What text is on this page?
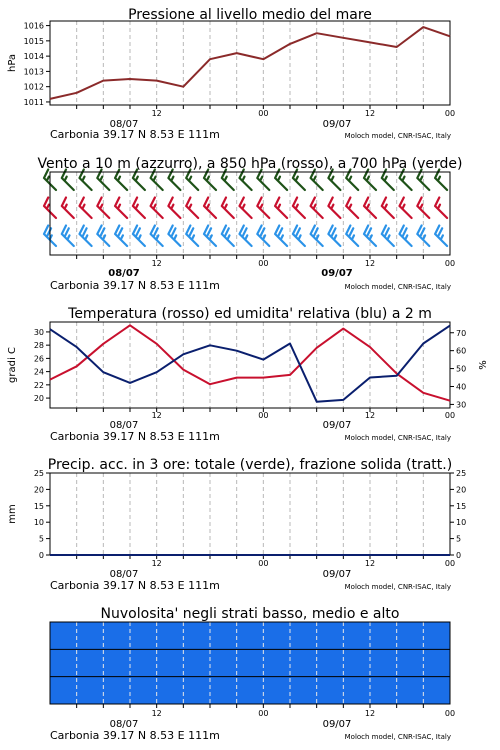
Pressione al livello medio del mare
1011
1012
1013
1014
1015
1016
12	00	12	00
hPa
08/07	09/07
Carbonia 39.17 N 8.53 E 111m	Moloch model, CNR-ISAC, Italy
Vento a 10 m (azzurro), a 850 hPa (rosso), a 700 hPa (verde)
12	00	12	00
08/07	09/07
Carbonia 39.17 N 8.53 E 111m	Moloch model, CNR-ISAC, Italy
Temperatura (rosso) ed umidita' relativa (blu) a 2 m
20
22
24
26
28
30
30
40
50
60
70
12	00	12	00
gradi C	%
08/07	09/07
Carbonia 39.17 N 8.53 E 111m	Moloch model, CNR-ISAC, Italy
Precip. acc. in 3 ore: totale (verde), frazione solida (tratt.)
0
5
10
15
20
25
0
5
10
15
20
25
12	00	12	00
mm
08/07	09/07
Carbonia 39.17 N 8.53 E 111m	Moloch model, CNR-ISAC, Italy
Nuvolosita' negli strati basso, medio e alto
12	00	12	00
08/07	09/07
Carbonia 39.17 N 8.53 E 111m	Moloch model, CNR-ISAC, Italy
